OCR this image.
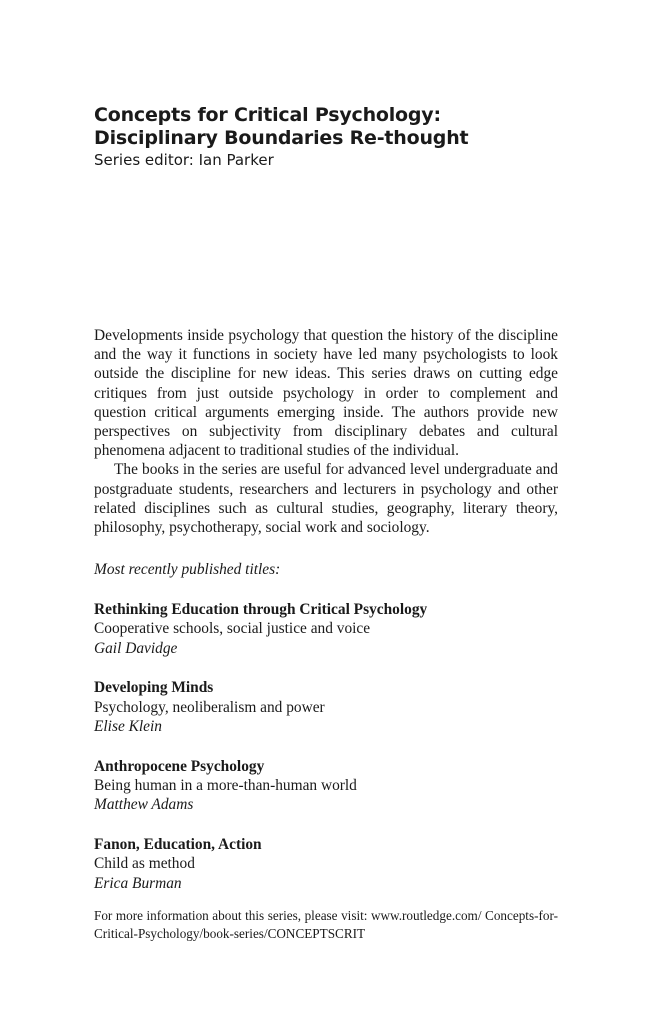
Concepts for Critical Psychology: Disciplinary Boundaries Re-thought
Series editor: Ian Parker

Developments inside psychology that question the history of the discipline and the way it functions in society have led many psychologists to look outside the discipline for new ideas. This series draws on cutting edge critiques from just outside psychology in order to complement and question critical arguments emerging inside. The authors provide new perspectives on subjectivity from disciplinary debates and cultural phenomena adjacent to traditional studies of the individual.

The books in the series are useful for advanced level undergraduate and postgraduate students, researchers and lecturers in psychology and other related disciplines such as cultural studies, geography, literary theory, philosophy, psychotherapy, social work and sociology.

Most recently published titles:
Rethinking Education through Critical Psychology
Cooperative schools, social justice and voice
Gail Davidge
Developing Minds
Psychology, neoliberalism and power
Elise Klein
Anthropocene Psychology
Being human in a more-than-human world
Matthew Adams
Fanon, Education, Action
Child as method
Erica Burman
For more information about this series, please visit: www.routledge.com/ Concepts-for-Critical-Psychology/book-series/CONCEPTSCRIT
